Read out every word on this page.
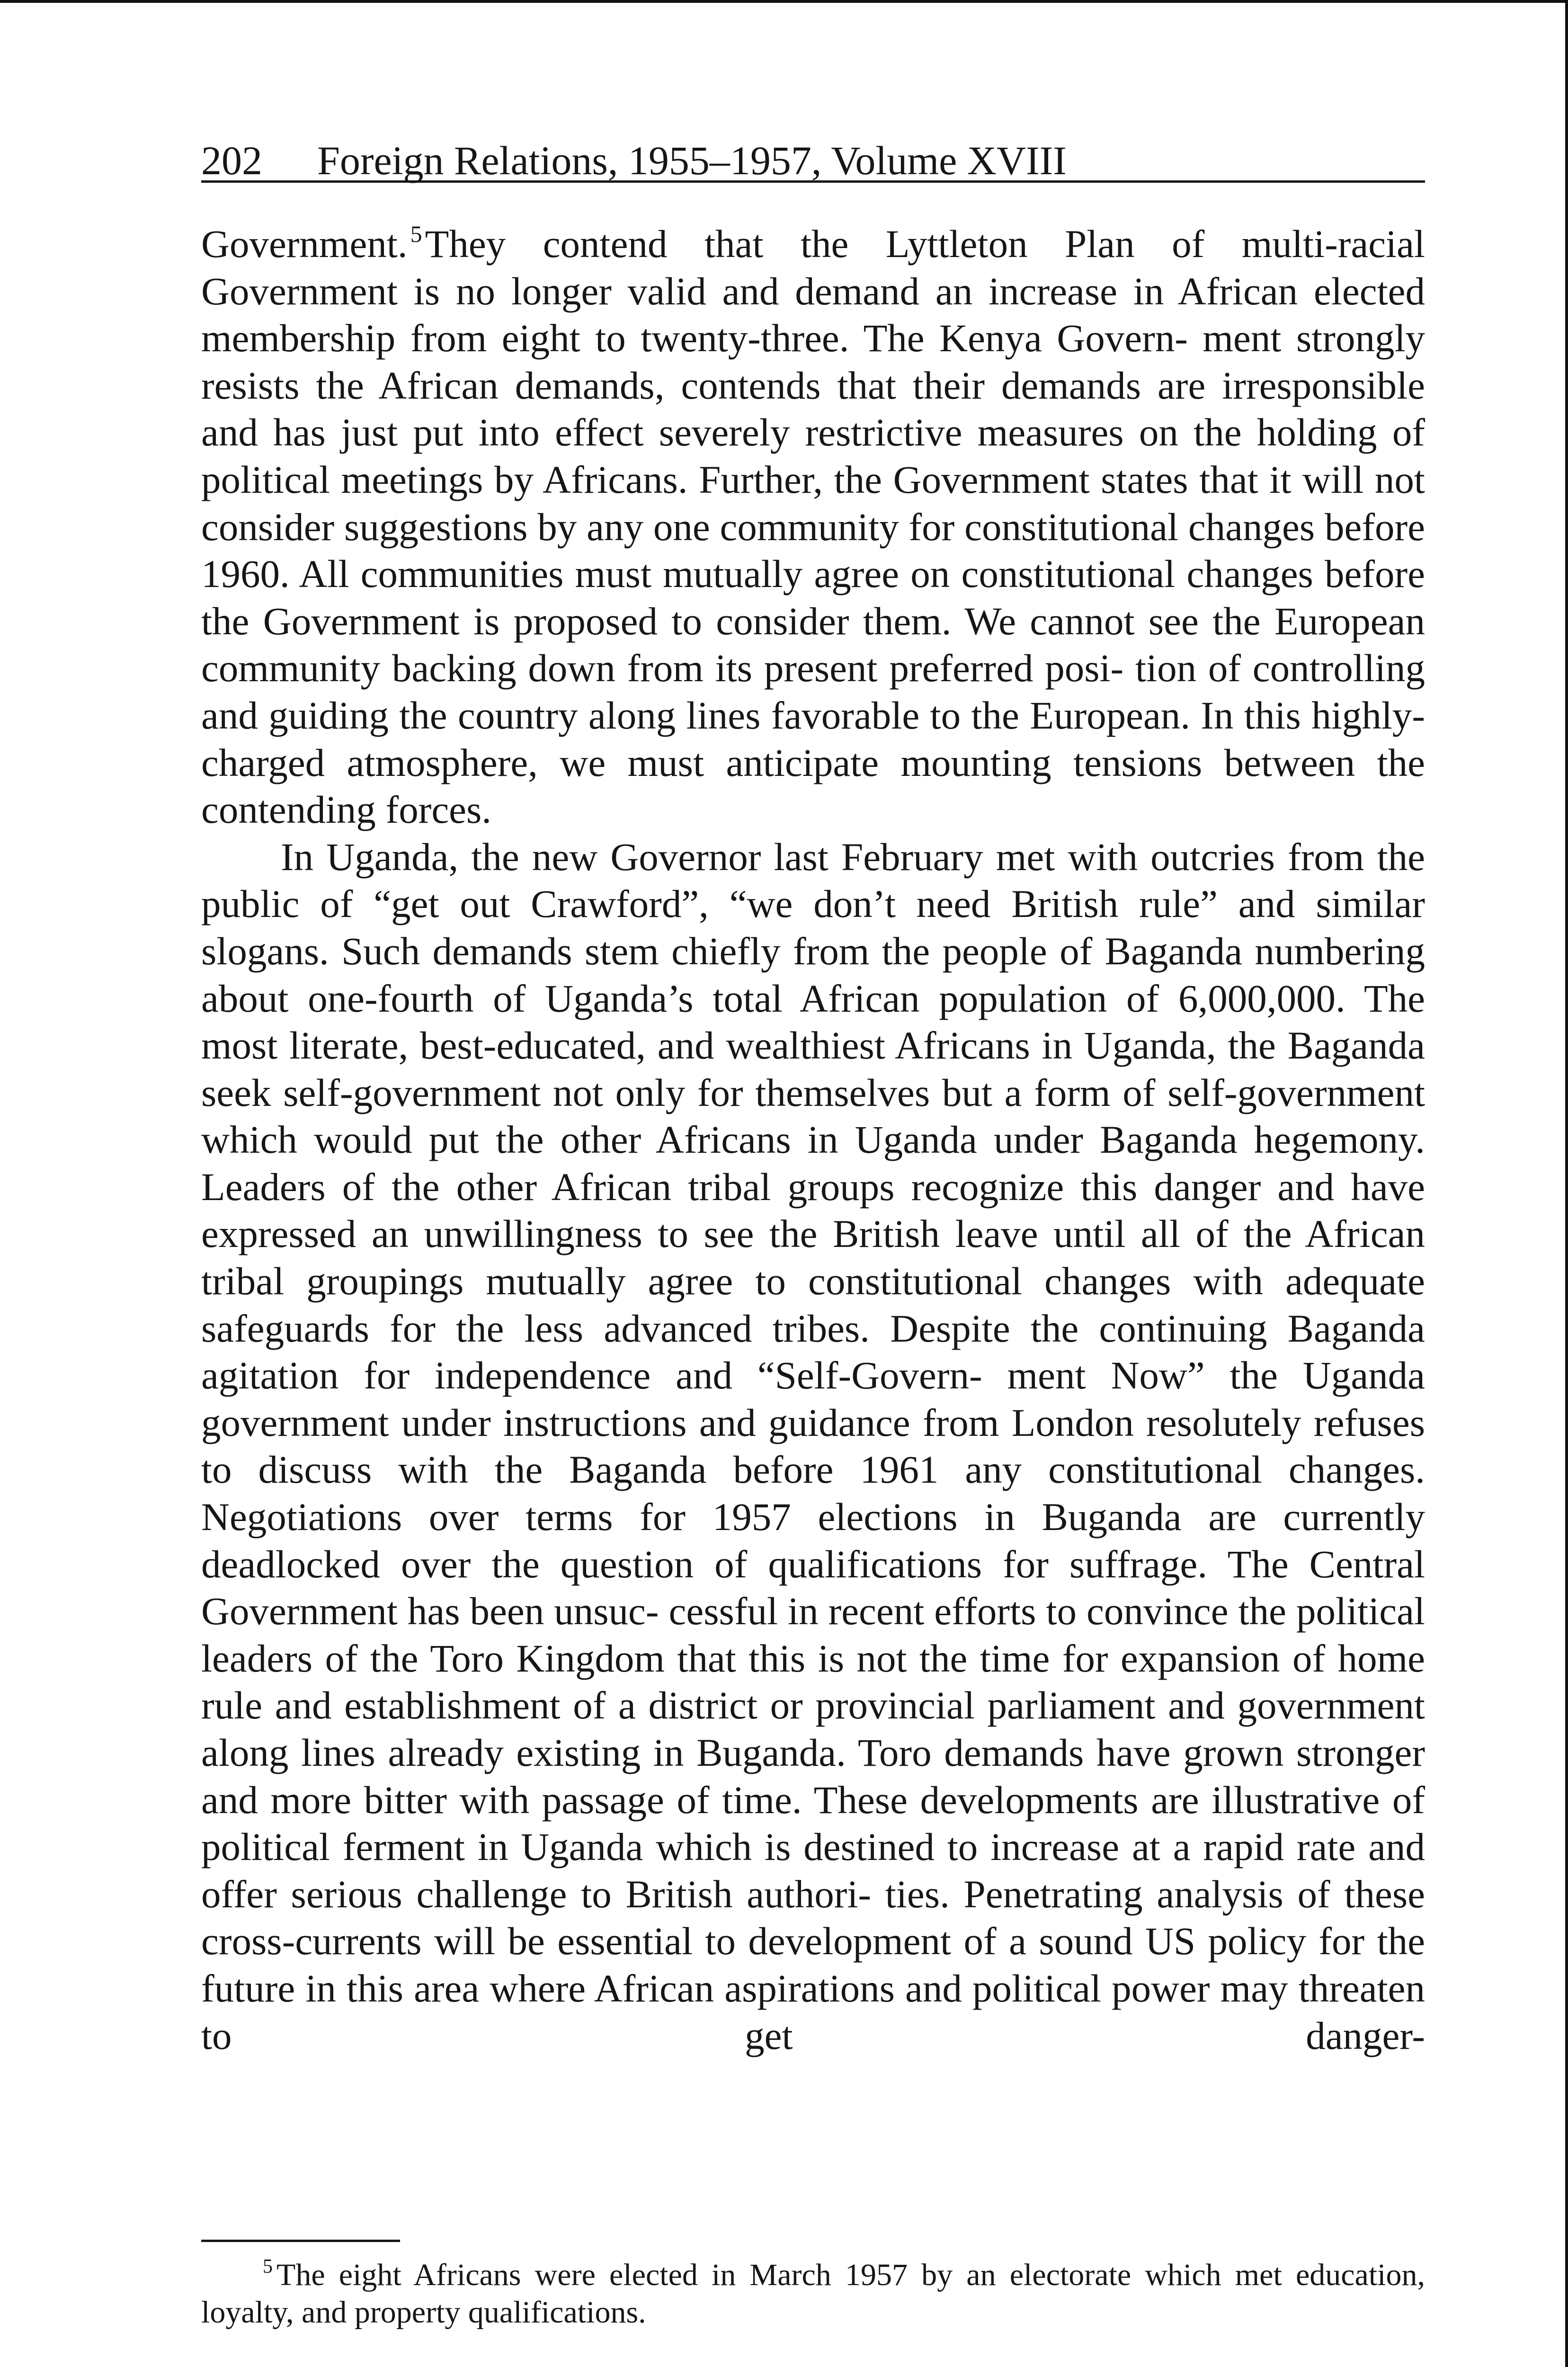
202 Foreign Relations, 1955–1957, Volume XVIII

Government. $^5$They contend that the Lyttleton Plan of multi-racial Government is no longer valid and demand an increase in African elected membership from eight to twenty-three. The Kenya Govern- ment strongly resists the African demands, contends that their demands are irresponsible and has just put into effect severely restrictive measures on the holding of political meetings by Africans. Further, the Government states that it will not consider suggestions by any one community for constitutional changes before 1960. All communities must mutually agree on constitutional changes before the Government is proposed to consider them. We cannot see the European community backing down from its present preferred posi- tion of controlling and guiding the country along lines favorable to the European. In this highly-charged atmosphere, we must anticipate mounting tensions between the contending forces.

In Uganda, the new Governor last February met with outcries from the public of “get out Crawford”, “we don’t need British rule” and similar slogans. Such demands stem chiefly from the people of Baganda numbering about one-fourth of Uganda’s total African population of 6,000,000. The most literate, best-educated, and wealthiest Africans in Uganda, the Baganda seek self-government not only for themselves but a form of self-government which would put the other Africans in Uganda under Baganda hegemony. Leaders of the other African tribal groups recognize this danger and have expressed an unwillingness to see the British leave until all of the African tribal groupings mutually agree to constitutional changes with adequate safeguards for the less advanced tribes. Despite the continuing Baganda agitation for independence and “Self-Govern- ment Now” the Uganda government under instructions and guidance from London resolutely refuses to discuss with the Baganda before 1961 any constitutional changes. Negotiations over terms for 1957 elections in Buganda are currently deadlocked over the question of qualifications for suffrage. The Central Government has been unsuc- cessful in recent efforts to convince the political leaders of the Toro Kingdom that this is not the time for expansion of home rule and establishment of a district or provincial parliament and government along lines already existing in Buganda. Toro demands have grown stronger and more bitter with passage of time. These developments are illustrative of political ferment in Uganda which is destined to increase at a rapid rate and offer serious challenge to British authori- ties. Penetrating analysis of these cross-currents will be essential to development of a sound US policy for the future in this area where African aspirations and political power may threaten to get danger-

$^5$ The eight Africans were elected in March 1957 by an electorate which met education, loyalty, and property qualifications.
